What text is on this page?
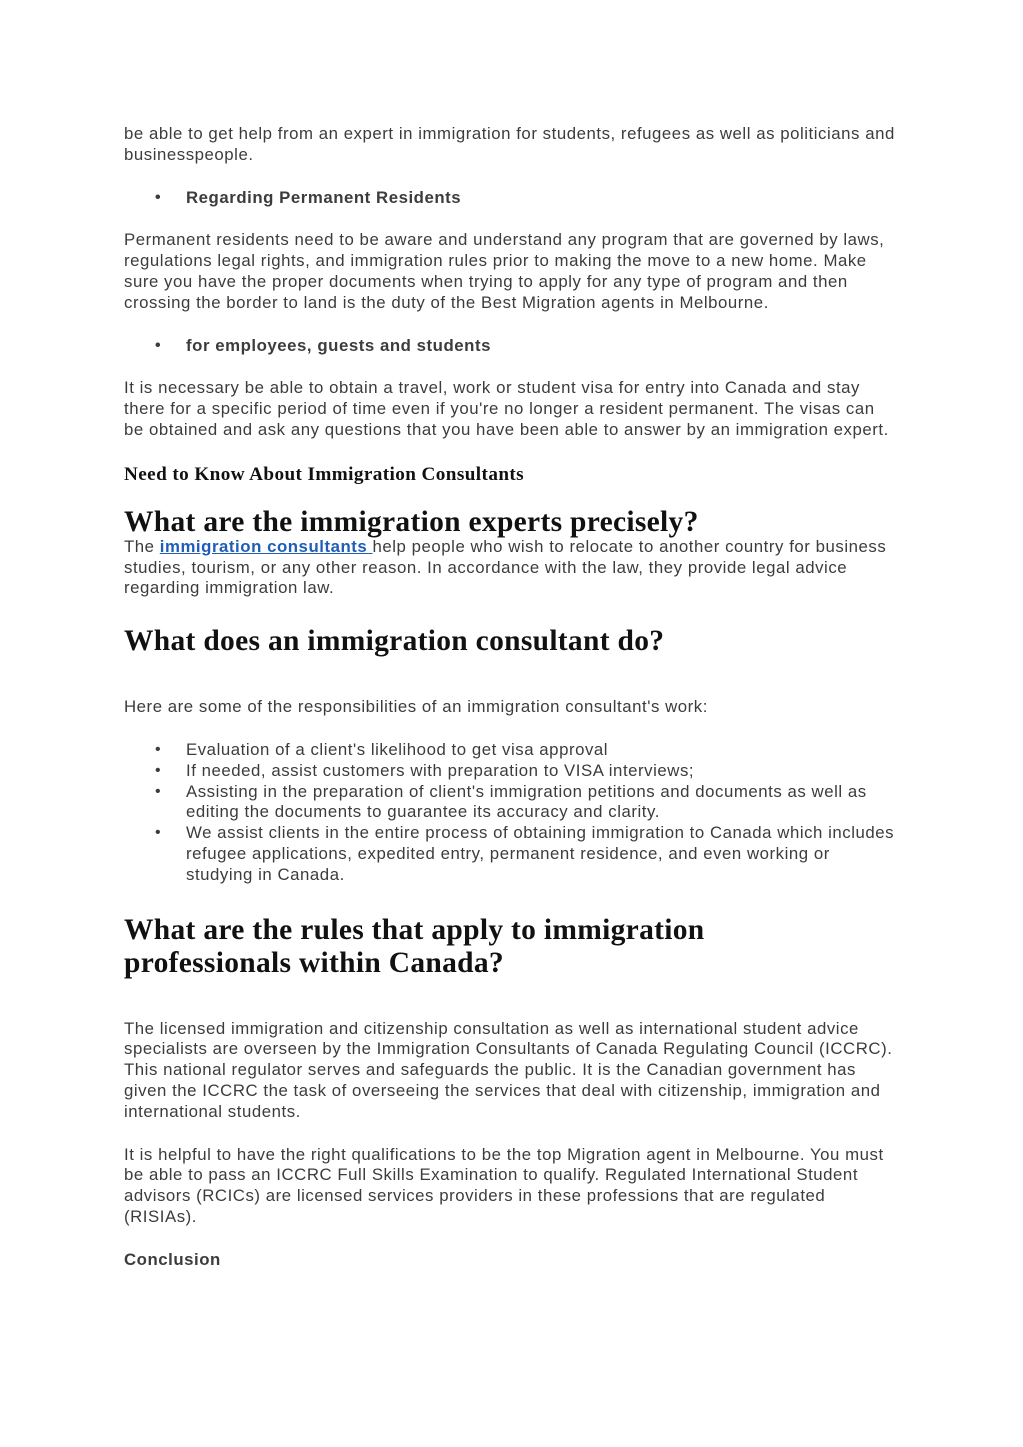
be able to get help from an expert in immigration for students, refugees as well as politicians and businesspeople.

• Regarding Permanent Residents

Permanent residents need to be aware and understand any program that are governed by laws, regulations legal rights, and immigration rules prior to making the move to a new home. Make sure you have the proper documents when trying to apply for any type of program and then crossing the border to land is the duty of the Best Migration agents in Melbourne.

• for employees, guests and students

It is necessary be able to obtain a travel, work or student visa for entry into Canada and stay there for a specific period of time even if you're no longer a resident permanent. The visas can be obtained and ask any questions that you have been able to answer by an immigration expert.

Need to Know About Immigration Consultants

What are the immigration experts precisely?

The immigration consultants help people who wish to relocate to another country for business studies, tourism, or any other reason. In accordance with the law, they provide legal advice regarding immigration law.

What does an immigration consultant do?

Here are some of the responsibilities of an immigration consultant's work:

• Evaluation of a client's likelihood to get visa approval
• If needed, assist customers with preparation to VISA interviews;
• Assisting in the preparation of client's immigration petitions and documents as well as editing the documents to guarantee its accuracy and clarity.
• We assist clients in the entire process of obtaining immigration to Canada which includes refugee applications, expedited entry, permanent residence, and even working or studying in Canada.

What are the rules that apply to immigration professionals within Canada?

The licensed immigration and citizenship consultation as well as international student advice specialists are overseen by the Immigration Consultants of Canada Regulating Council (ICCRC). This national regulator serves and safeguards the public. It is the Canadian government has given the ICCRC the task of overseeing the services that deal with citizenship, immigration and international students.

It is helpful to have the right qualifications to be the top Migration agent in Melbourne. You must be able to pass an ICCRC Full Skills Examination to qualify. Regulated International Student advisors (RCICs) are licensed services providers in these professions that are regulated (RISIAs).

Conclusion
